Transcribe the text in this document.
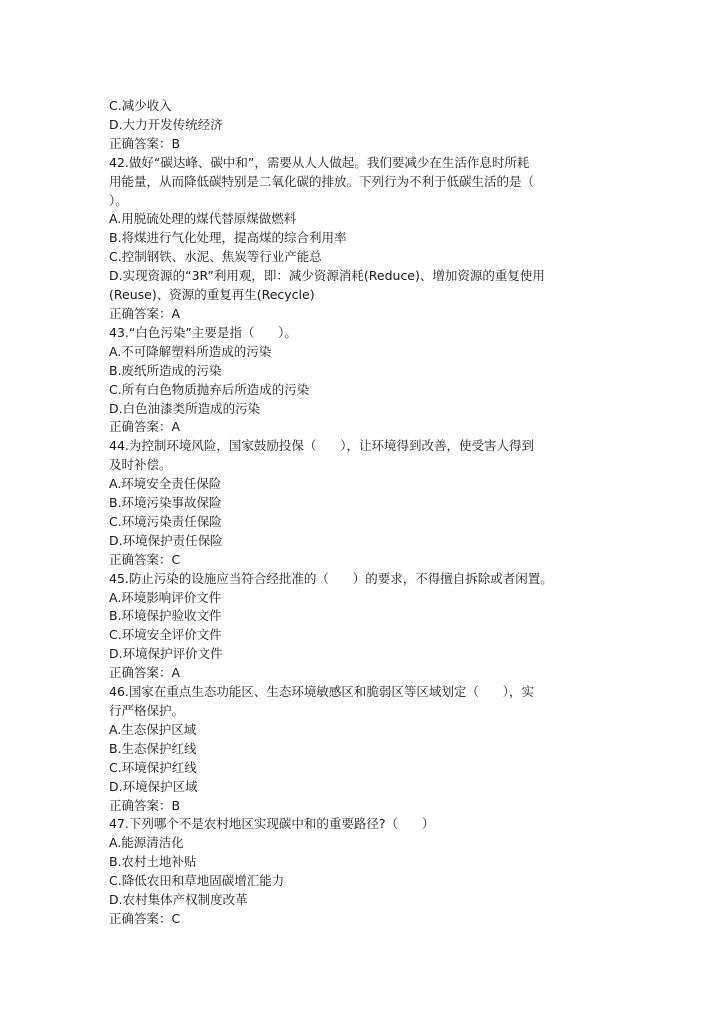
C.减少收入
D.大力开发传统经济
正确答案：B
42.做好“碳达峰、碳中和”，需要从人人做起。我们要减少在生活作息时所耗
用能量，从而降低碳特别是二氧化碳的排放。下列行为不利于低碳生活的是（
）。
A.用脱硫处理的煤代替原煤做燃料
B.将煤进行气化处理，提高煤的综合利用率
C.控制钢铁、水泥、焦炭等行业产能总
D.实现资源的“3R”利用观，即：减少资源消耗(Reduce)、增加资源的重复使用
(Reuse)、资源的重复再生(Recycle)
正确答案：A
43.“白色污染”主要是指（      ）。
A.不可降解塑料所造成的污染
B.废纸所造成的污染
C.所有白色物质抛弃后所造成的污染
D.白色油漆类所造成的污染
正确答案：A
44.为控制环境风险，国家鼓励投保（      ），让环境得到改善，使受害人得到
及时补偿。
A.环境安全责任保险
B.环境污染事故保险
C.环境污染责任保险
D.环境保护责任保险
正确答案：C
45.防止污染的设施应当符合经批准的（      ）的要求，不得擅自拆除或者闲置。
A.环境影响评价文件
B.环境保护验收文件
C.环境安全评价文件
D.环境保护评价文件
正确答案：A
46.国家在重点生态功能区、生态环境敏感区和脆弱区等区域划定（      ），实
行严格保护。
A.生态保护区域
B.生态保护红线
C.环境保护红线
D.环境保护区域
正确答案：B
47.下列哪个不是农村地区实现碳中和的重要路径?（      ）
A.能源清洁化
B.农村土地补贴
C.降低农田和草地固碳增汇能力
D.农村集体产权制度改革
正确答案：C
